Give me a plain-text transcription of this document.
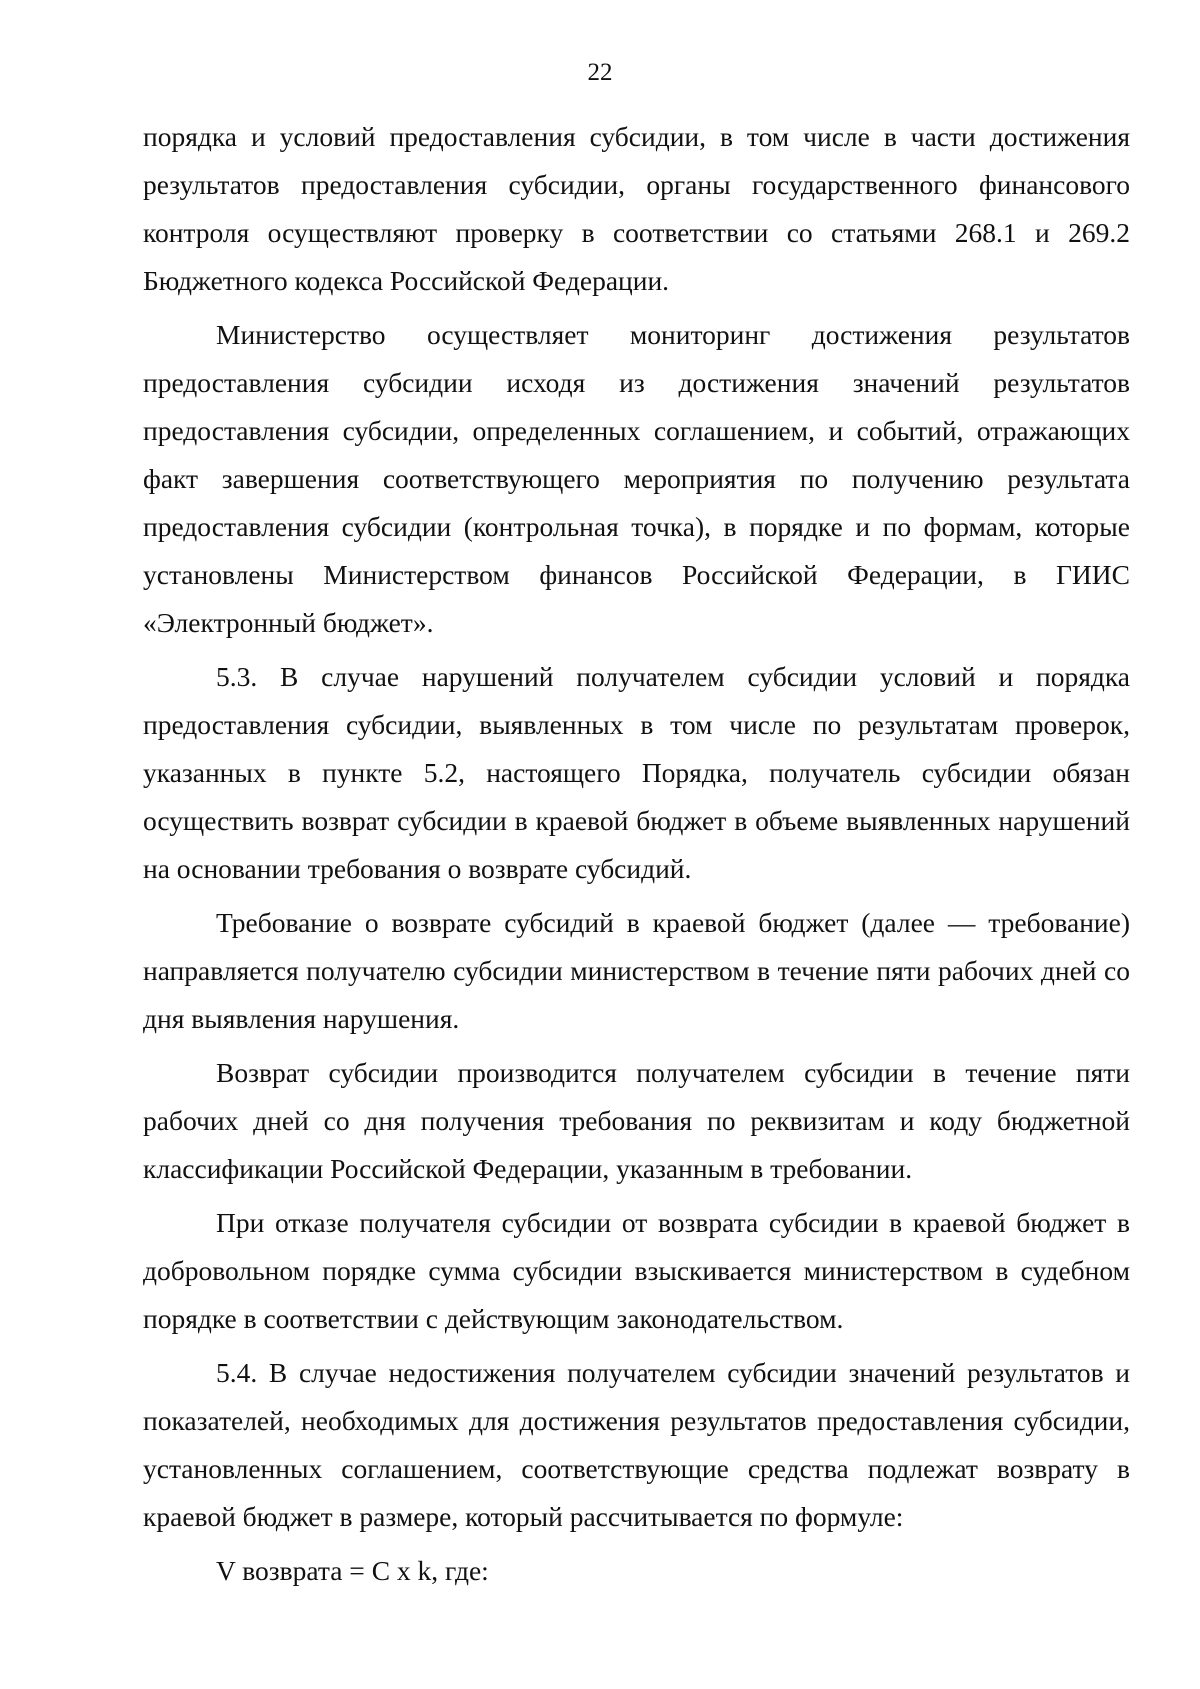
22

порядка и условий предоставления субсидии, в том числе в части достижения результатов предоставления субсидии, органы государственного финансового контроля осуществляют проверку в соответствии со статьями 268.1 и 269.2 Бюджетного кодекса Российской Федерации.

Министерство осуществляет мониторинг достижения результатов предоставления субсидии исходя из достижения значений результатов предоставления субсидии, определенных соглашением, и событий, отражающих факт завершения соответствующего мероприятия по получению результата предоставления субсидии (контрольная точка), в порядке и по формам, которые установлены Министерством финансов Российской Федерации, в ГИИС «Электронный бюджет».

5.3. В случае нарушений получателем субсидии условий и порядка предоставления субсидии, выявленных в том числе по результатам проверок, указанных в пункте 5.2, настоящего Порядка, получатель субсидии обязан осуществить возврат субсидии в краевой бюджет в объеме выявленных нарушений на основании требования о возврате субсидий.

Требование о возврате субсидий в краевой бюджет (далее — требование) направляется получателю субсидии министерством в течение пяти рабочих дней со дня выявления нарушения.

Возврат субсидии производится получателем субсидии в течение пяти рабочих дней со дня получения требования по реквизитам и коду бюджетной классификации Российской Федерации, указанным в требовании.

При отказе получателя субсидии от возврата субсидии в краевой бюджет в добровольном порядке сумма субсидии взыскивается министерством в судебном порядке в соответствии с действующим законодательством.

5.4. В случае недостижения получателем субсидии значений результатов и показателей, необходимых для достижения результатов предоставления субсидии, установленных соглашением, соответствующие средства подлежат возврату в краевой бюджет в размере, который рассчитывается по формуле:

V возврата = C x k, где:
